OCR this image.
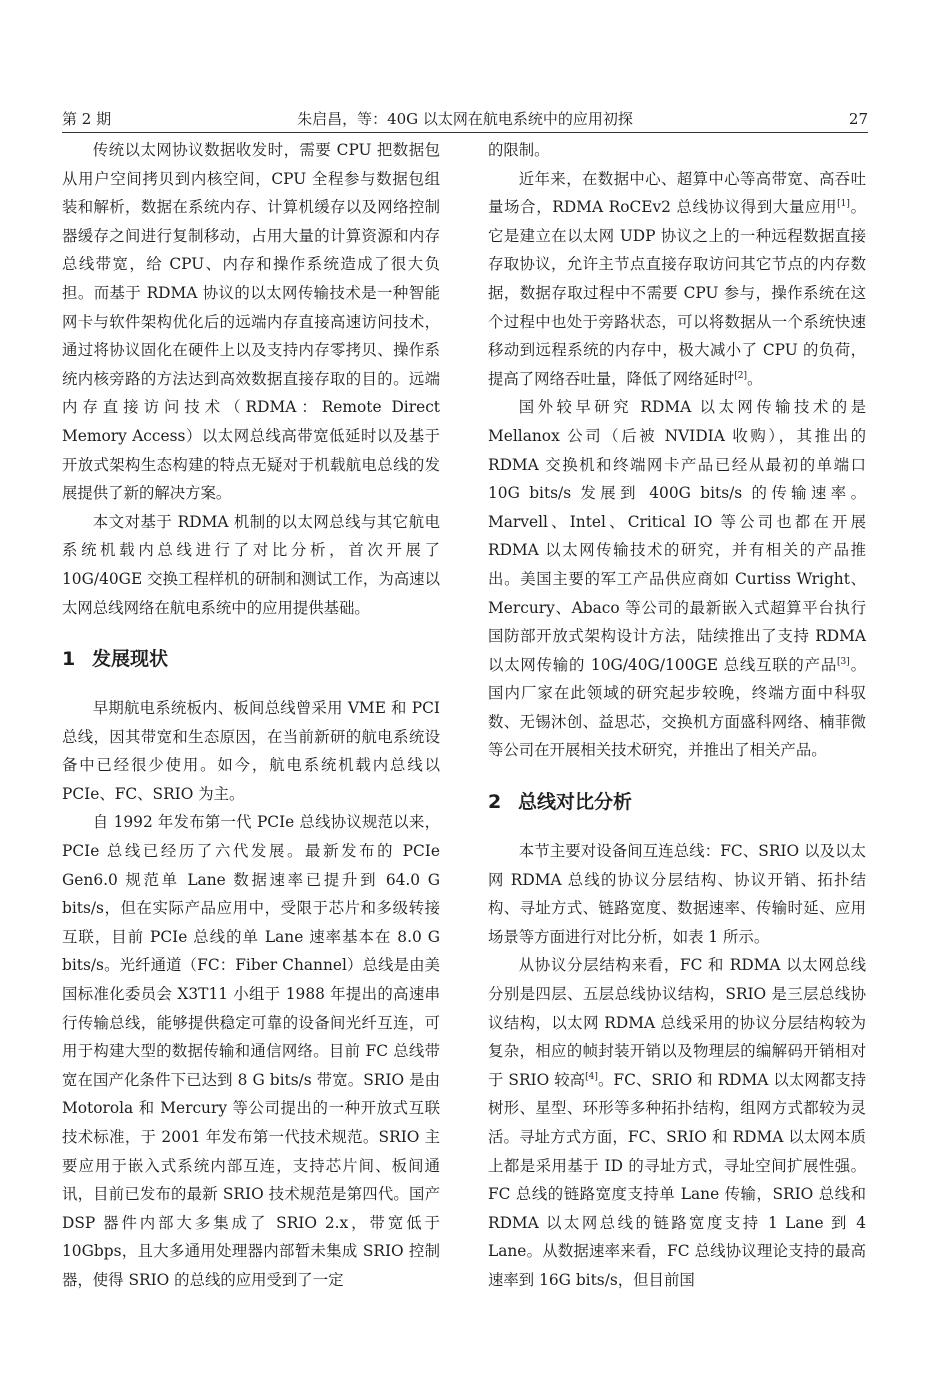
第 2 期	朱启昌，等：40G 以太网在航电系统中的应用初探	27

传统以太网协议数据收发时，需要 CPU 把数据包从用户空间拷贝到内核空间，CPU 全程参与数据包组装和解析，数据在系统内存、计算机缓存以及网络控制器缓存之间进行复制移动，占用大量的计算资源和内存总线带宽，给 CPU、内存和操作系统造成了很大负担。而基于 RDMA 协议的以太网传输技术是一种智能网卡与软件架构优化后的远端内存直接高速访问技术，通过将协议固化在硬件上以及支持内存零拷贝、操作系统内核旁路的方法达到高效数据直接存取的目的。远端内存直接访问技术（RDMA：Remote Direct Memory Access）以太网总线高带宽低延时以及基于开放式架构生态构建的特点无疑对于机载航电总线的发展提供了新的解决方案。

本文对基于 RDMA 机制的以太网总线与其它航电系统机载内总线进行了对比分析，首次开展了 10G/40GE 交换工程样机的研制和测试工作，为高速以太网总线网络在航电系统中的应用提供基础。

1 发展现状

早期航电系统板内、板间总线曾采用 VME 和 PCI 总线，因其带宽和生态原因，在当前新研的航电系统设备中已经很少使用。如今，航电系统机载内总线以 PCIe、FC、SRIO 为主。

自 1992 年发布第一代 PCIe 总线协议规范以来，PCIe 总线已经历了六代发展。最新发布的 PCIe Gen6.0 规范单 Lane 数据速率已提升到 64.0 G bits/s，但在实际产品应用中，受限于芯片和多级转接互联，目前 PCIe 总线的单 Lane 速率基本在 8.0 G bits/s。光纤通道（FC：Fiber Channel）总线是由美国标准化委员会 X3T11 小组于 1988 年提出的高速串行传输总线，能够提供稳定可靠的设备间光纤互连，可用于构建大型的数据传输和通信网络。目前 FC 总线带宽在国产化条件下已达到 8 G bits/s 带宽。SRIO 是由 Motorola 和 Mercury 等公司提出的一种开放式互联技术标准，于 2001 年发布第一代技术规范。SRIO 主要应用于嵌入式系统内部互连，支持芯片间、板间通讯，目前已发布的最新 SRIO 技术规范是第四代。国产 DSP 器件内部大多集成了 SRIO 2.x，带宽低于 10Gbps，且大多通用处理器内部暂未集成 SRIO 控制器，使得 SRIO 的总线的应用受到了一定

的限制。

近年来，在数据中心、超算中心等高带宽、高吞吐量场合，RDMA RoCEv2 总线协议得到大量应用[1]。它是建立在以太网 UDP 协议之上的一种远程数据直接存取协议，允许主节点直接存取访问其它节点的内存数据，数据存取过程中不需要 CPU 参与，操作系统在这个过程中也处于旁路状态，可以将数据从一个系统快速移动到远程系统的内存中，极大减小了 CPU 的负荷，提高了网络吞吐量，降低了网络延时[2]。

国外较早研究 RDMA 以太网传输技术的是 Mellanox 公司（后被 NVIDIA 收购），其推出的 RDMA 交换机和终端网卡产品已经从最初的单端口 10G bits/s 发展到 400G bits/s 的传输速率。Marvell、Intel、Critical IO 等公司也都在开展 RDMA 以太网传输技术的研究，并有相关的产品推出。美国主要的军工产品供应商如 Curtiss Wright、Mercury、Abaco 等公司的最新嵌入式超算平台执行国防部开放式架构设计方法，陆续推出了支持 RDMA 以太网传输的 10G/40G/100GE 总线互联的产品[3]。国内厂家在此领域的研究起步较晚，终端方面中科驭数、无锡沐创、益思芯，交换机方面盛科网络、楠菲微等公司在开展相关技术研究，并推出了相关产品。

2 总线对比分析

本节主要对设备间互连总线：FC、SRIO 以及以太网 RDMA 总线的协议分层结构、协议开销、拓扑结构、寻址方式、链路宽度、数据速率、传输时延、应用场景等方面进行对比分析，如表 1 所示。

从协议分层结构来看，FC 和 RDMA 以太网总线分别是四层、五层总线协议结构，SRIO 是三层总线协议结构，以太网 RDMA 总线采用的协议分层结构较为复杂，相应的帧封装开销以及物理层的编解码开销相对于 SRIO 较高[4]。FC、SRIO 和 RDMA 以太网都支持树形、星型、环形等多种拓扑结构，组网方式都较为灵活。寻址方式方面，FC、SRIO 和 RDMA 以太网本质上都是采用基于 ID 的寻址方式，寻址空间扩展性强。FC 总线的链路宽度支持单 Lane 传输，SRIO 总线和 RDMA 以太网总线的链路宽度支持 1 Lane 到 4 Lane。从数据速率来看，FC 总线协议理论支持的最高速率到 16G bits/s，但目前国
